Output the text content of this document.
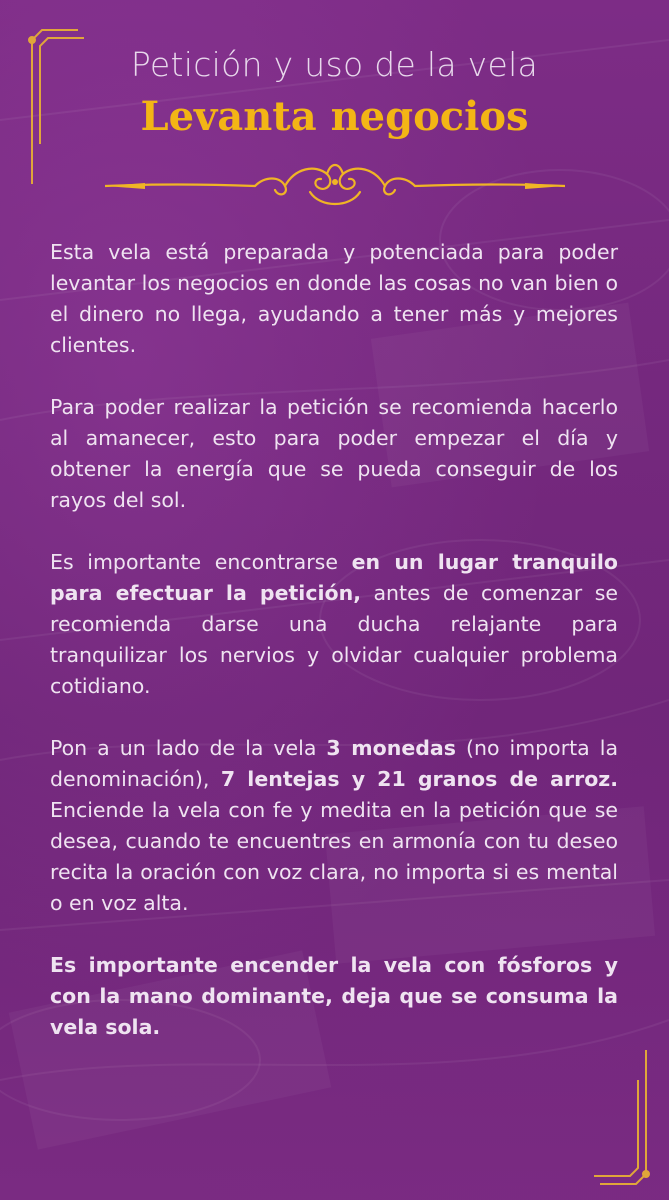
Petición y uso de la vela

Levanta negocios

Esta vela está preparada y potenciada para poder levantar los negocios en donde las cosas no van bien o el dinero no llega, ayudando a tener más y mejores clientes.

Para poder realizar la petición se recomienda hacerlo al amanecer, esto para poder empezar el día y obtener la energía que se pueda conseguir de los rayos del sol.

Es importante encontrarse en un lugar tranquilo para efectuar la petición, antes de comenzar se recomienda darse una ducha relajante para tranquilizar los nervios y olvidar cualquier problema cotidiano.

Pon a un lado de la vela 3 monedas (no importa la denominación), 7 lentejas y 21 granos de arroz. Enciende la vela con fe y medita en la petición que se desea, cuando te encuentres en armonía con tu deseo recita la oración con voz clara, no importa si es mental o en voz alta.

Es importante encender la vela con fósforos y con la mano dominante, deja que se consuma la vela sola.
